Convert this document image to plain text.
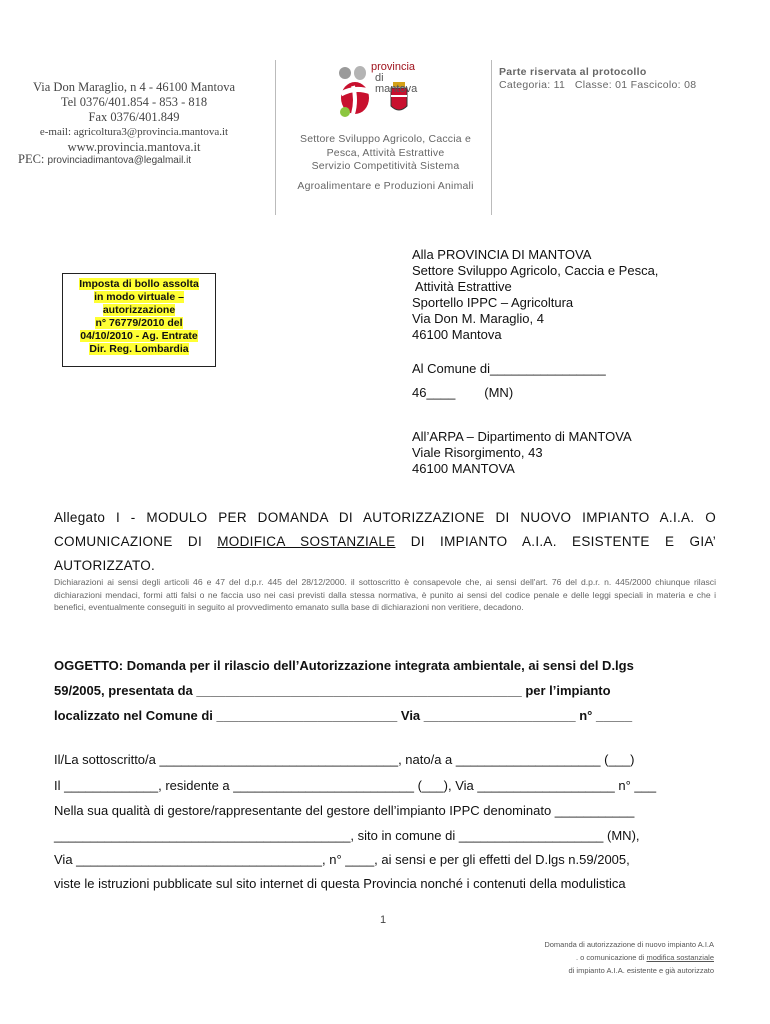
Via Don Maraglio, n 4 - 46100 Mantova
Tel 0376/401.854 - 853 - 818
Fax 0376/401.849
e-mail: agricoltura3@provincia.mantova.it
www.provincia.mantova.it
PEC: provinciadimantova@legalmail.it
provincia
di mantova
Settore Sviluppo Agricolo, Caccia e
Pesca, Attività Estrattive
Servizio Competitività Sistema
Agroalimentare e Produzioni Animali
Parte riservata al protocollo
Categoria: 11   Classe: 01 Fascicolo: 08
Imposta di bollo assolta
in modo virtuale –
autorizzazione
n° 76779/2010 del
04/10/2010 - Ag. Entrate
Dir. Reg. Lombardia
Alla PROVINCIA DI MANTOVA
Settore Sviluppo Agricolo, Caccia e Pesca,
Attività Estrattive
Sportello IPPC – Agricoltura
Via Don M. Maraglio, 4
46100 Mantova
Al Comune di________________
46____        (MN)
All’ARPA – Dipartimento di MANTOVA
Viale Risorgimento, 43
46100 MANTOVA
Allegato I - MODULO PER DOMANDA DI AUTORIZZAZIONE DI NUOVO IMPIANTO A.I.A. O COMUNICAZIONE DI MODIFICA SOSTANZIALE DI IMPIANTO A.I.A. ESISTENTE E GIA’ AUTORIZZATO.
Dichiarazioni ai sensi degli articoli 46 e 47 del d.p.r. 445 del 28/12/2000. il sottoscritto è consapevole che, ai sensi dell'art. 76 del d.p.r. n. 445/2000 chiunque rilasci dichiarazioni mendaci, formi atti falsi o ne faccia uso nei casi previsti dalla stessa normativa, è punito ai sensi del codice penale e delle leggi speciali in materia e che i benefici, eventualmente conseguiti in seguito al provvedimento emanato sulla base di dichiarazioni non veritiere, decadono.
OGGETTO: Domanda per il rilascio dell’Autorizzazione integrata ambientale, ai sensi del D.lgs
59/2005, presentata da _____________________________________________ per l’impianto
localizzato nel Comune di _________________________ Via _____________________ n° _____
Il/La sottoscritto/a _________________________________, nato/a a ____________________ (___)
Il _____________, residente a _________________________ (___), Via ___________________ n° ___
Nella sua qualità di gestore/rappresentante del gestore dell’impianto IPPC denominato ___________
_________________________________________, sito in comune di ____________________ (MN),
Via __________________________________, n° ____, ai sensi e per gli effetti del D.lgs n.59/2005,
viste le istruzioni pubblicate sul sito internet di questa Provincia nonché i contenuti della modulistica
1
Domanda di autorizzazione di nuovo impianto A.I.A
. o comunicazione di modifica sostanziale
di impianto A.I.A. esistente e già autorizzato
